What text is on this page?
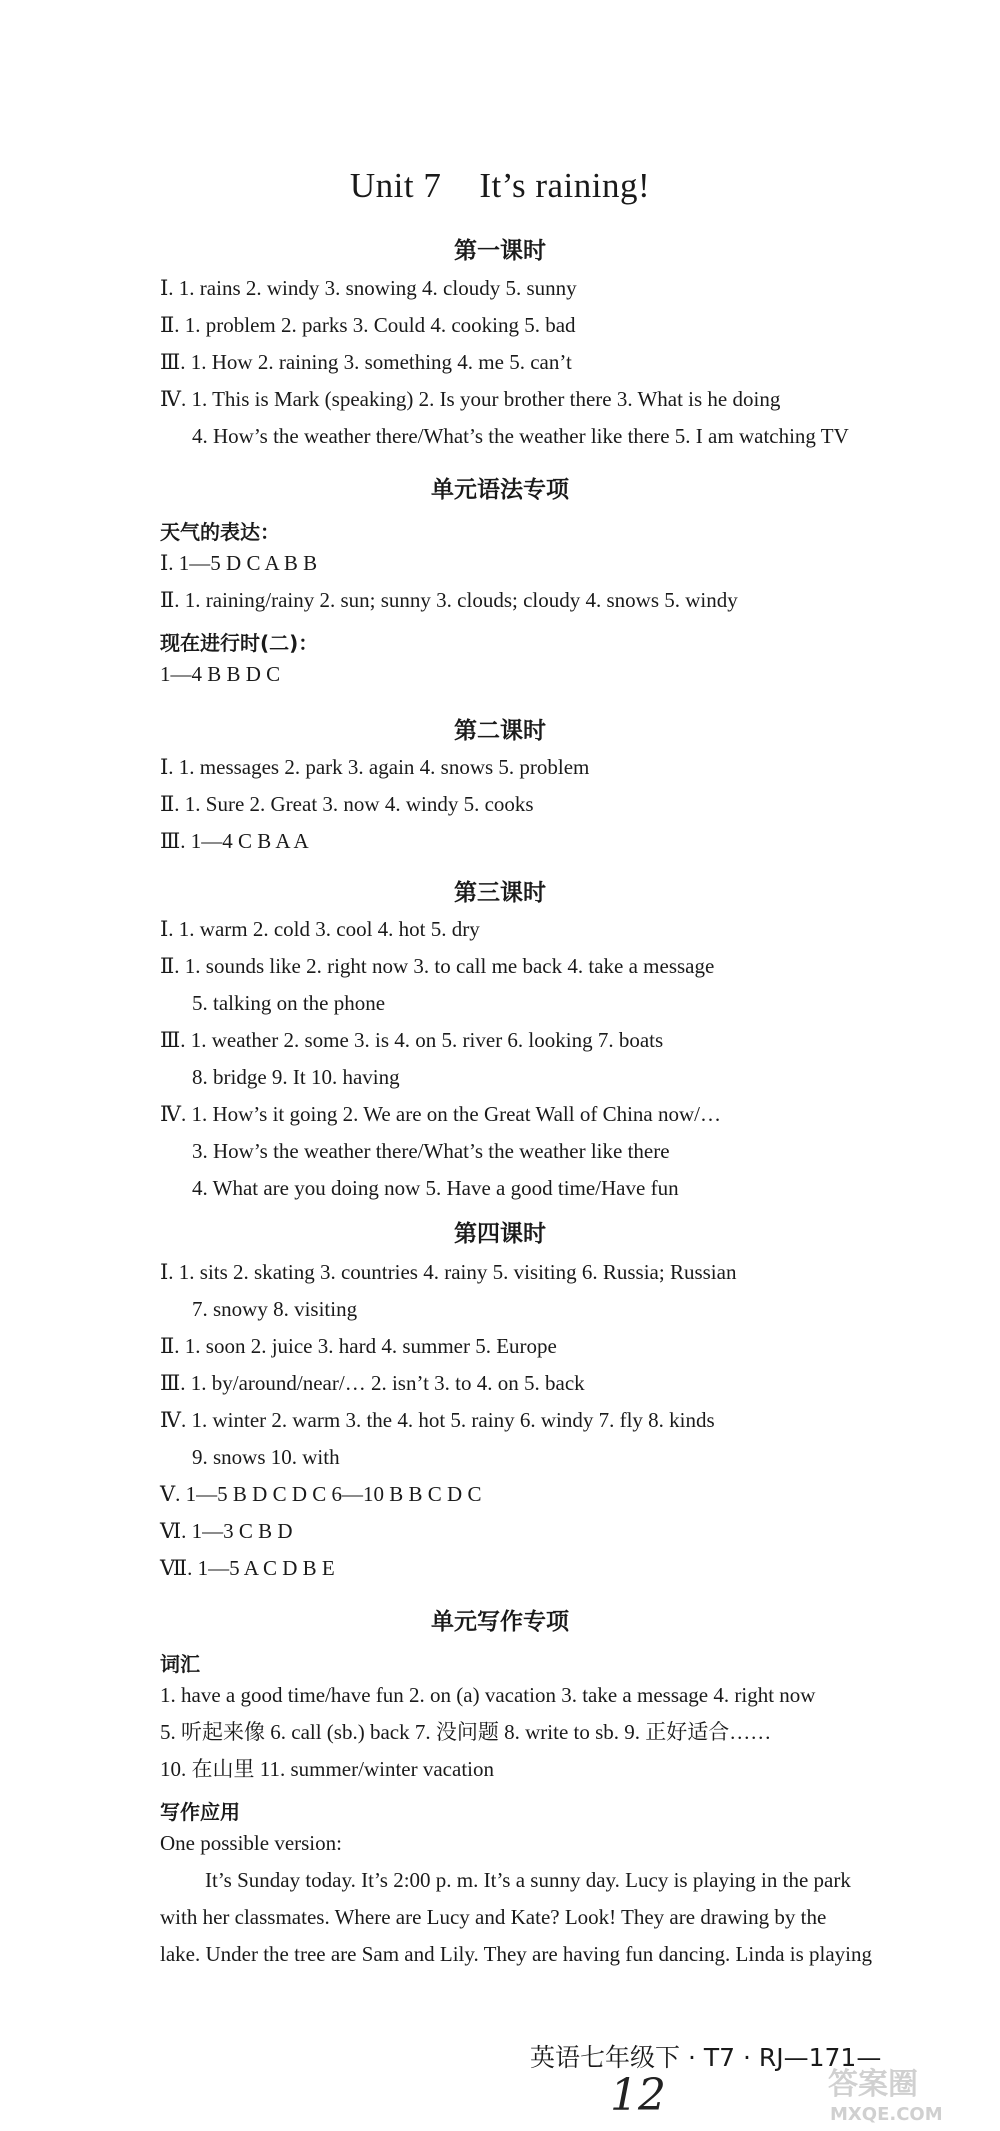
Unit 7 It’s raining!
第一课时
Ⅰ. 1. rains 2. windy 3. snowing 4. cloudy 5. sunny
Ⅱ. 1. problem 2. parks 3. Could 4. cooking 5. bad
Ⅲ. 1. How 2. raining 3. something 4. me 5. can’t
Ⅳ. 1. This is Mark (speaking) 2. Is your brother there 3. What is he doing
4. How’s the weather there/What’s the weather like there 5. I am watching TV
单元语法专项
天气的表达：
Ⅰ. 1—5 D C A B B
Ⅱ. 1. raining/rainy 2. sun; sunny 3. clouds; cloudy 4. snows 5. windy
现在进行时(二)：
1—4 B B D C
第二课时
Ⅰ. 1. messages 2. park 3. again 4. snows 5. problem
Ⅱ. 1. Sure 2. Great 3. now 4. windy 5. cooks
Ⅲ. 1—4 C B A A
第三课时
Ⅰ. 1. warm 2. cold 3. cool 4. hot 5. dry
Ⅱ. 1. sounds like 2. right now 3. to call me back 4. take a message
5. talking on the phone
Ⅲ. 1. weather 2. some 3. is 4. on 5. river 6. looking 7. boats
8. bridge 9. It 10. having
Ⅳ. 1. How’s it going 2. We are on the Great Wall of China now/…
3. How’s the weather there/What’s the weather like there
4. What are you doing now 5. Have a good time/Have fun
第四课时
Ⅰ. 1. sits 2. skating 3. countries 4. rainy 5. visiting 6. Russia; Russian
7. snowy 8. visiting
Ⅱ. 1. soon 2. juice 3. hard 4. summer 5. Europe
Ⅲ. 1. by/around/near/… 2. isn’t 3. to 4. on 5. back
Ⅳ. 1. winter 2. warm 3. the 4. hot 5. rainy 6. windy 7. fly 8. kinds
9. snows 10. with
Ⅴ. 1—5 B D C D C 6—10 B B C D C
Ⅵ. 1—3 C B D
Ⅶ. 1—5 A C D B E
单元写作专项
词汇
1. have a good time/have fun 2. on (a) vacation 3. take a message 4. right now
5. 听起来像 6. call (sb.) back 7. 没问题 8. write to sb. 9. 正好适合……
10. 在山里 11. summer/winter vacation
写作应用
One possible version:
It’s Sunday today. It’s 2:00 p. m. It’s a sunny day. Lucy is playing in the park
with her classmates. Where are Lucy and Kate? Look! They are drawing by the
lake. Under the tree are Sam and Lily. They are having fun dancing. Linda is playing
英语七年级下 · T7 · RJ—171—
12	答案圈
MXQE.COM
